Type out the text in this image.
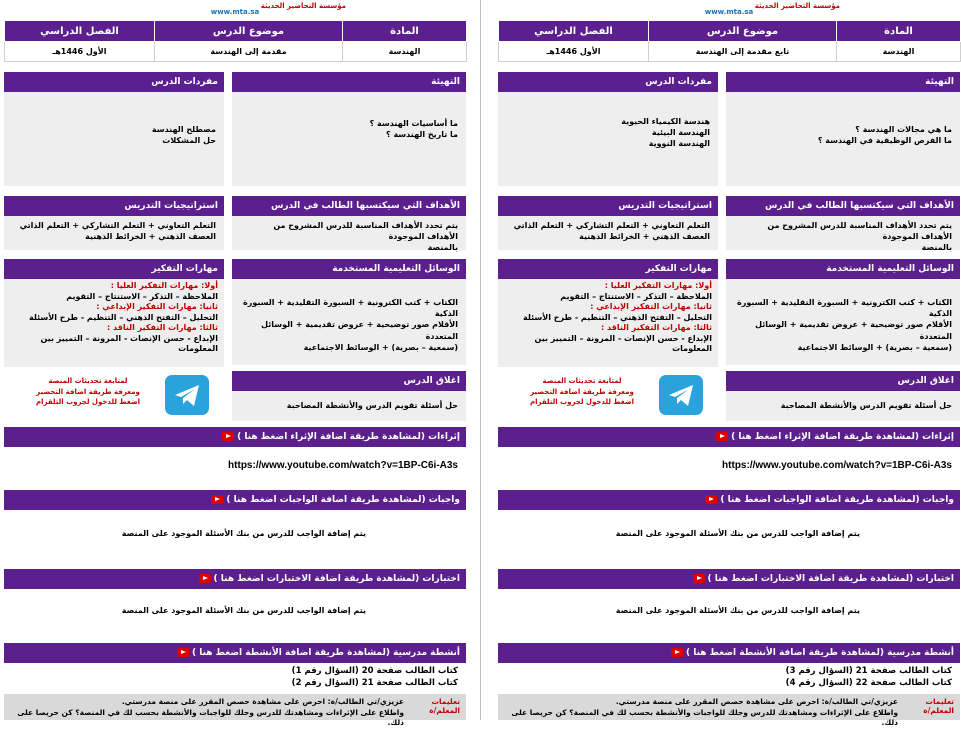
مؤسسة التحاضير الحديثة
www.mta.sa
المادة	موضوع الدرس	الفصل الدراسي
الهندسة	مقدمة إلى الهندسة	الأول 1446هـ
التهيئة
ما أساسيات الهندسة ؟
ما تاريخ الهندسة ؟
مفردات الدرس
مصطلح الهندسة
حل المشكلات
الأهداف التي سيكتسبها الطالب في الدرس
يتم تحدد الأهداف المناسبة للدرس المشروح من الأهداف الموجودة
بالمنصة
استراتيجيات التدريس
التعلم التعاوني + التعلم التشاركي + التعلم الذاتي
العصف الذهني + الخرائط الذهنية
الوسائل التعليمية المستخدمة
الكتاب + كتب الكترونية + السبورة التقليدية + السبورة الذكية
الأقلام صور توضيحية + عروض تقديمية + الوسائل المتعددة
(سمعية – بصرية) + الوسائط الاجتماعية
مهارات التفكير
أولا: مهارات التفكير العليا :
الملاحظة – التذكر – الاستنتاج – التقويم
ثانيا: مهارات التفكير الإبداعي :
التحليل – التفتح الذهني – التنظيم - طرح الأسئلة
ثالثا: مهارات التفكير الناقد :
الإبداع - حسن الإنصات - المرونة – التمييز بين المعلومات
اغلاق الدرس
حل أسئلة تقويم الدرس والأنشطة المصاحبة
لمتابعة تحديثات المنصة
ومعرفة طريقة اضافة التحضير
اضغط للدخول لجروب التلقرام
إثراءات (لمشاهدة طريقة اضافة الإثراء اضغط هنا )
https://www.youtube.com/watch?v=1BP-C6i-A3s
واجبات (لمشاهدة طريقة اضافة الواجبات اضغط هنا )
يتم إضافة الواجب للدرس من بنك الأسئلة الموجود على المنصة
اختبارات (لمشاهدة طريقة اضافة الاختبارات اضغط هنا )
يتم إضافة الواجب للدرس من بنك الأسئلة الموجود على المنصة
أنشطة مدرسية (لمشاهدة طريقة اضافة الأنشطة اضغط هنا )
كتاب الطالب صفحة 20 (السؤال رقم 1)
كتاب الطالب صفحة 21 (السؤال رقم 2)
تعليمات المعلم/ة
عزيزي/تي الطالب/ة: احرص على مشاهدة حصص المقرر على منصة مدرستي.
واطلاع على الإثراءات ومشاهدتك للدرس وحلك للواجبات والأنشطة بحسب لك في المنصة؟ كن حريصا على ذلك.
مؤسسة التحاضير الحديثة
www.mta.sa
المادة	موضوع الدرس	الفصل الدراسي
الهندسة	تابع مقدمة إلى الهندسة	الأول 1446هـ
التهيئة
ما هي مجالات الهندسة ؟
ما الفرص الوظيفية في الهندسة ؟
مفردات الدرس
هندسة الكيمياء الحيوية
الهندسة البيئية
الهندسة النووية
الأهداف التي سيكتسبها الطالب في الدرس
يتم تحدد الأهداف المناسبة للدرس المشروح من الأهداف الموجودة
بالمنصة
استراتيجيات التدريس
التعلم التعاوني + التعلم التشاركي + التعلم الذاتي
العصف الذهني + الخرائط الذهنية
الوسائل التعليمية المستخدمة
الكتاب + كتب الكترونية + السبورة التقليدية + السبورة الذكية
الأقلام صور توضيحية + عروض تقديمية + الوسائل المتعددة
(سمعية – بصرية) + الوسائط الاجتماعية
مهارات التفكير
أولا: مهارات التفكير العليا :
الملاحظة – التذكر – الاستنتاج – التقويم
ثانيا: مهارات التفكير الإبداعي :
التحليل – التفتح الذهني – التنظيم - طرح الأسئلة
ثالثا: مهارات التفكير الناقد :
الإبداع - حسن الإنصات - المرونة – التمييز بين المعلومات
اغلاق الدرس
حل أسئلة تقويم الدرس والأنشطة المصاحبة
لمتابعة تحديثات المنصة
ومعرفة طريقة اضافة التحضير
اضغط للدخول لجروب التلقرام
إثراءات (لمشاهدة طريقة اضافة الإثراء اضغط هنا )
https://www.youtube.com/watch?v=1BP-C6i-A3s
واجبات (لمشاهدة طريقة اضافة الواجبات اضغط هنا )
يتم إضافة الواجب للدرس من بنك الأسئلة الموجود على المنصة
اختبارات (لمشاهدة طريقة اضافة الاختبارات اضغط هنا )
يتم إضافة الواجب للدرس من بنك الأسئلة الموجود على المنصة
أنشطة مدرسية (لمشاهدة طريقة اضافة الأنشطة اضغط هنا )
كتاب الطالب صفحة 21 (السؤال رقم 3)
كتاب الطالب صفحة 22 (السؤال رقم 4)
تعليمات المعلم/ة
عزيزي/تي الطالب/ة: احرص على مشاهدة حصص المقرر على منصة مدرستي.
واطلاع على الإثراءات ومشاهدتك للدرس وحلك للواجبات والأنشطة بحسب لك في المنصة؟ كن حريصا على ذلك.
